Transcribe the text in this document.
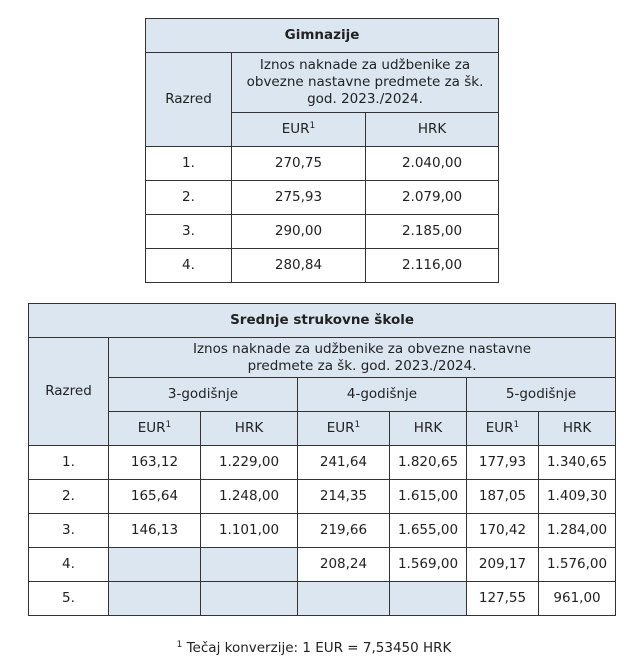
Gimnazije		
Razred	Iznos naknade za udžbenike za obvezne nastavne predmete za šk. god. 2023./2024.	
	EUR$^1$	HRK
1.	270,75	2.040,00
2.	275,93	2.079,00
3.	290,00	2.185,00
4.	280,84	2.116,00
Srednje strukovne škole						
Razred	Iznos naknade za udžbenike za obvezne nastavne predmete za šk. god. 2023./2024.					
	3-godišnje		4-godišnje		5-godišnje	
	EUR$^1$	HRK	EUR$^1$	HRK	EUR$^1$	HRK
1.	163,12	1.229,00	241,64	1.820,65	177,93	1.340,65
2.	165,64	1.248,00	214,35	1.615,00	187,05	1.409,30
3.	146,13	1.101,00	219,66	1.655,00	170,42	1.284,00
4.			208,24	1.569,00	209,17	1.576,00
5.					127,55	961,00
$^1$ Tečaj konverzije: 1 EUR = 7,53450 HRK
